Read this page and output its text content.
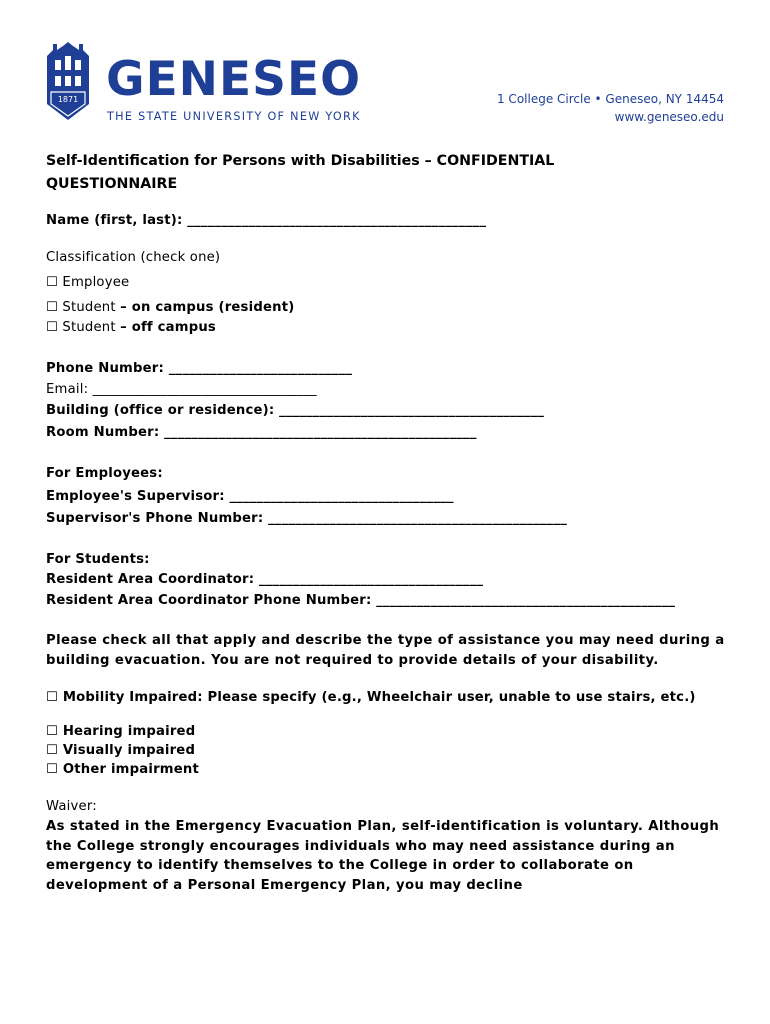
1871 GENESEO
THE STATE UNIVERSITY OF NEW YORK
1 College Circle • Geneseo, NY 14454
www.geneseo.edu
Self-Identification for Persons with Disabilities – CONFIDENTIAL QUESTIONNAIRE
Name (first, last): ____________________________________________
Classification (check one)
☐ Employee
☐ Student – on campus (resident)
☐ Student – off campus
Phone Number: ___________________________
Email: _________________________________
Building (office or residence): _______________________________________
Room Number: ______________________________________________
For Employees:
Employee's Supervisor: _________________________________
Supervisor's Phone Number: ____________________________________________
For Students:
Resident Area Coordinator: _________________________________
Resident Area Coordinator Phone Number: ____________________________________________
Please check all that apply and describe the type of assistance you may need during a building evacuation. You are not required to provide details of your disability.
☐ Mobility Impaired: Please specify (e.g., Wheelchair user, unable to use stairs, etc.)
☐ Hearing impaired
☐ Visually impaired
☐ Other impairment
Waiver:
As stated in the Emergency Evacuation Plan, self-identification is voluntary. Although the College strongly encourages individuals who may need assistance during an emergency to identify themselves to the College in order to collaborate on development of a Personal Emergency Plan, you may decline
